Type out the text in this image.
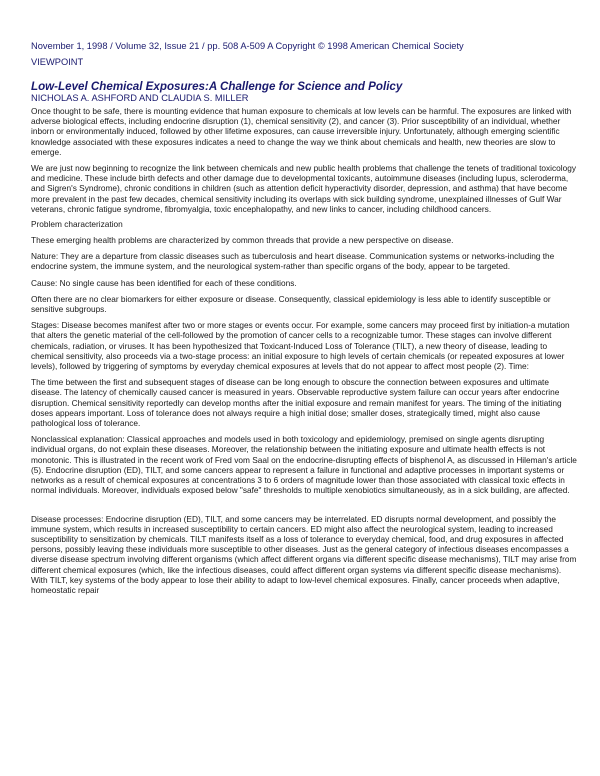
November 1, 1998 / Volume 32, Issue 21 / pp. 508 A-509 A Copyright © 1998 American Chemical Society
VIEWPOINT
Low-Level Chemical Exposures:A Challenge for Science and Policy
NICHOLAS A. ASHFORD AND CLAUDIA S. MILLER

Once thought to be safe, there is mounting evidence that human exposure to chemicals at low levels can be harmful. The exposures are linked with adverse biological effects, including endocrine disruption (1), chemical sensitivity (2), and cancer (3). Prior susceptibility of an individual, whether inborn or environmentally induced, followed by other lifetime exposures, can cause irreversible injury. Unfortunately, although emerging scientific knowledge associated with these exposures indicates a need to change the way we think about chemicals and health, new theories are slow to emerge.

We are just now beginning to recognize the link between chemicals and new public health problems that challenge the tenets of traditional toxicology and medicine. These include birth defects and other damage due to developmental toxicants, autoimmune diseases (including lupus, scleroderma, and Sigren's Syndrome), chronic conditions in children (such as attention deficit hyperactivity disorder, depression, and asthma) that have become more prevalent in the past few decades, chemical sensitivity including its overlaps with sick building syndrome, unexplained illnesses of Gulf War veterans, chronic fatigue syndrome, fibromyalgia, toxic encephalopathy, and new links to cancer, including childhood cancers.

Problem characterization

These emerging health problems are characterized by common threads that provide a new perspective on disease.

Nature: They are a departure from classic diseases such as tuberculosis and heart disease. Communication systems or networks-including the endocrine system, the immune system, and the neurological system-rather than specific organs of the body, appear to be targeted.

Cause: No single cause has been identified for each of these conditions.

Often there are no clear biomarkers for either exposure or disease. Consequently, classical epidemiology is less able to identify susceptible or sensitive subgroups.

Stages: Disease becomes manifest after two or more stages or events occur. For example, some cancers may proceed first by initiation-a mutation that alters the genetic material of the cell-followed by the promotion of cancer cells to a recognizable tumor. These stages can involve different chemicals, radiation, or viruses. It has been hypothesized that Toxicant-Induced Loss of Tolerance (TILT), a new theory of disease, leading to chemical sensitivity, also proceeds via a two-stage process: an initial exposure to high levels of certain chemicals (or repeated exposures at lower levels), followed by triggering of symptoms by everyday chemical exposures at levels that do not appear to affect most people (2). Time:

The time between the first and subsequent stages of disease can be long enough to obscure the connection between exposures and ultimate disease. The latency of chemically caused cancer is measured in years. Observable reproductive system failure can occur years after endocrine disruption. Chemical sensitivity reportedly can develop months after the initial exposure and remain manifest for years. The timing of the initiating doses appears important. Loss of tolerance does not always require a high initial dose; smaller doses, strategically timed, might also cause pathological loss of tolerance.

Nonclassical explanation: Classical approaches and models used in both toxicology and epidemiology, premised on single agents disrupting individual organs, do not explain these diseases. Moreover, the relationship between the initiating exposure and ultimate health effects is not monotonic. This is illustrated in the recent work of Fred vom Saal on the endocrine-disrupting effects of bisphenol A, as discussed in Hileman's article (5). Endocrine disruption (ED), TILT, and some cancers appear to represent a failure in functional and adaptive processes in important systems or networks as a result of chemical exposures at concentrations 3 to 6 orders of magnitude lower than those associated with classical toxic effects in normal individuals. Moreover, individuals exposed below "safe" thresholds to multiple xenobiotics simultaneously, as in a sick building, are affected.

Disease processes: Endocrine disruption (ED), TILT, and some cancers may be interrelated. ED disrupts normal development, and possibly the immune system, which results in increased susceptibility to certain cancers. ED might also affect the neurological system, leading to increased susceptibility to sensitization by chemicals. TILT manifests itself as a loss of tolerance to everyday chemical, food, and drug exposures in affected persons, possibly leaving these individuals more susceptible to other diseases. Just as the general category of infectious diseases encompasses a diverse disease spectrum involving different organisms (which affect different organs via different specific disease mechanisms), TILT may arise from different chemical exposures (which, like the infectious diseases, could affect different organ systems via different specific disease mechanisms). With TILT, key systems of the body appear to lose their ability to adapt to low-level chemical exposures. Finally, cancer proceeds when adaptive, homeostatic repair
